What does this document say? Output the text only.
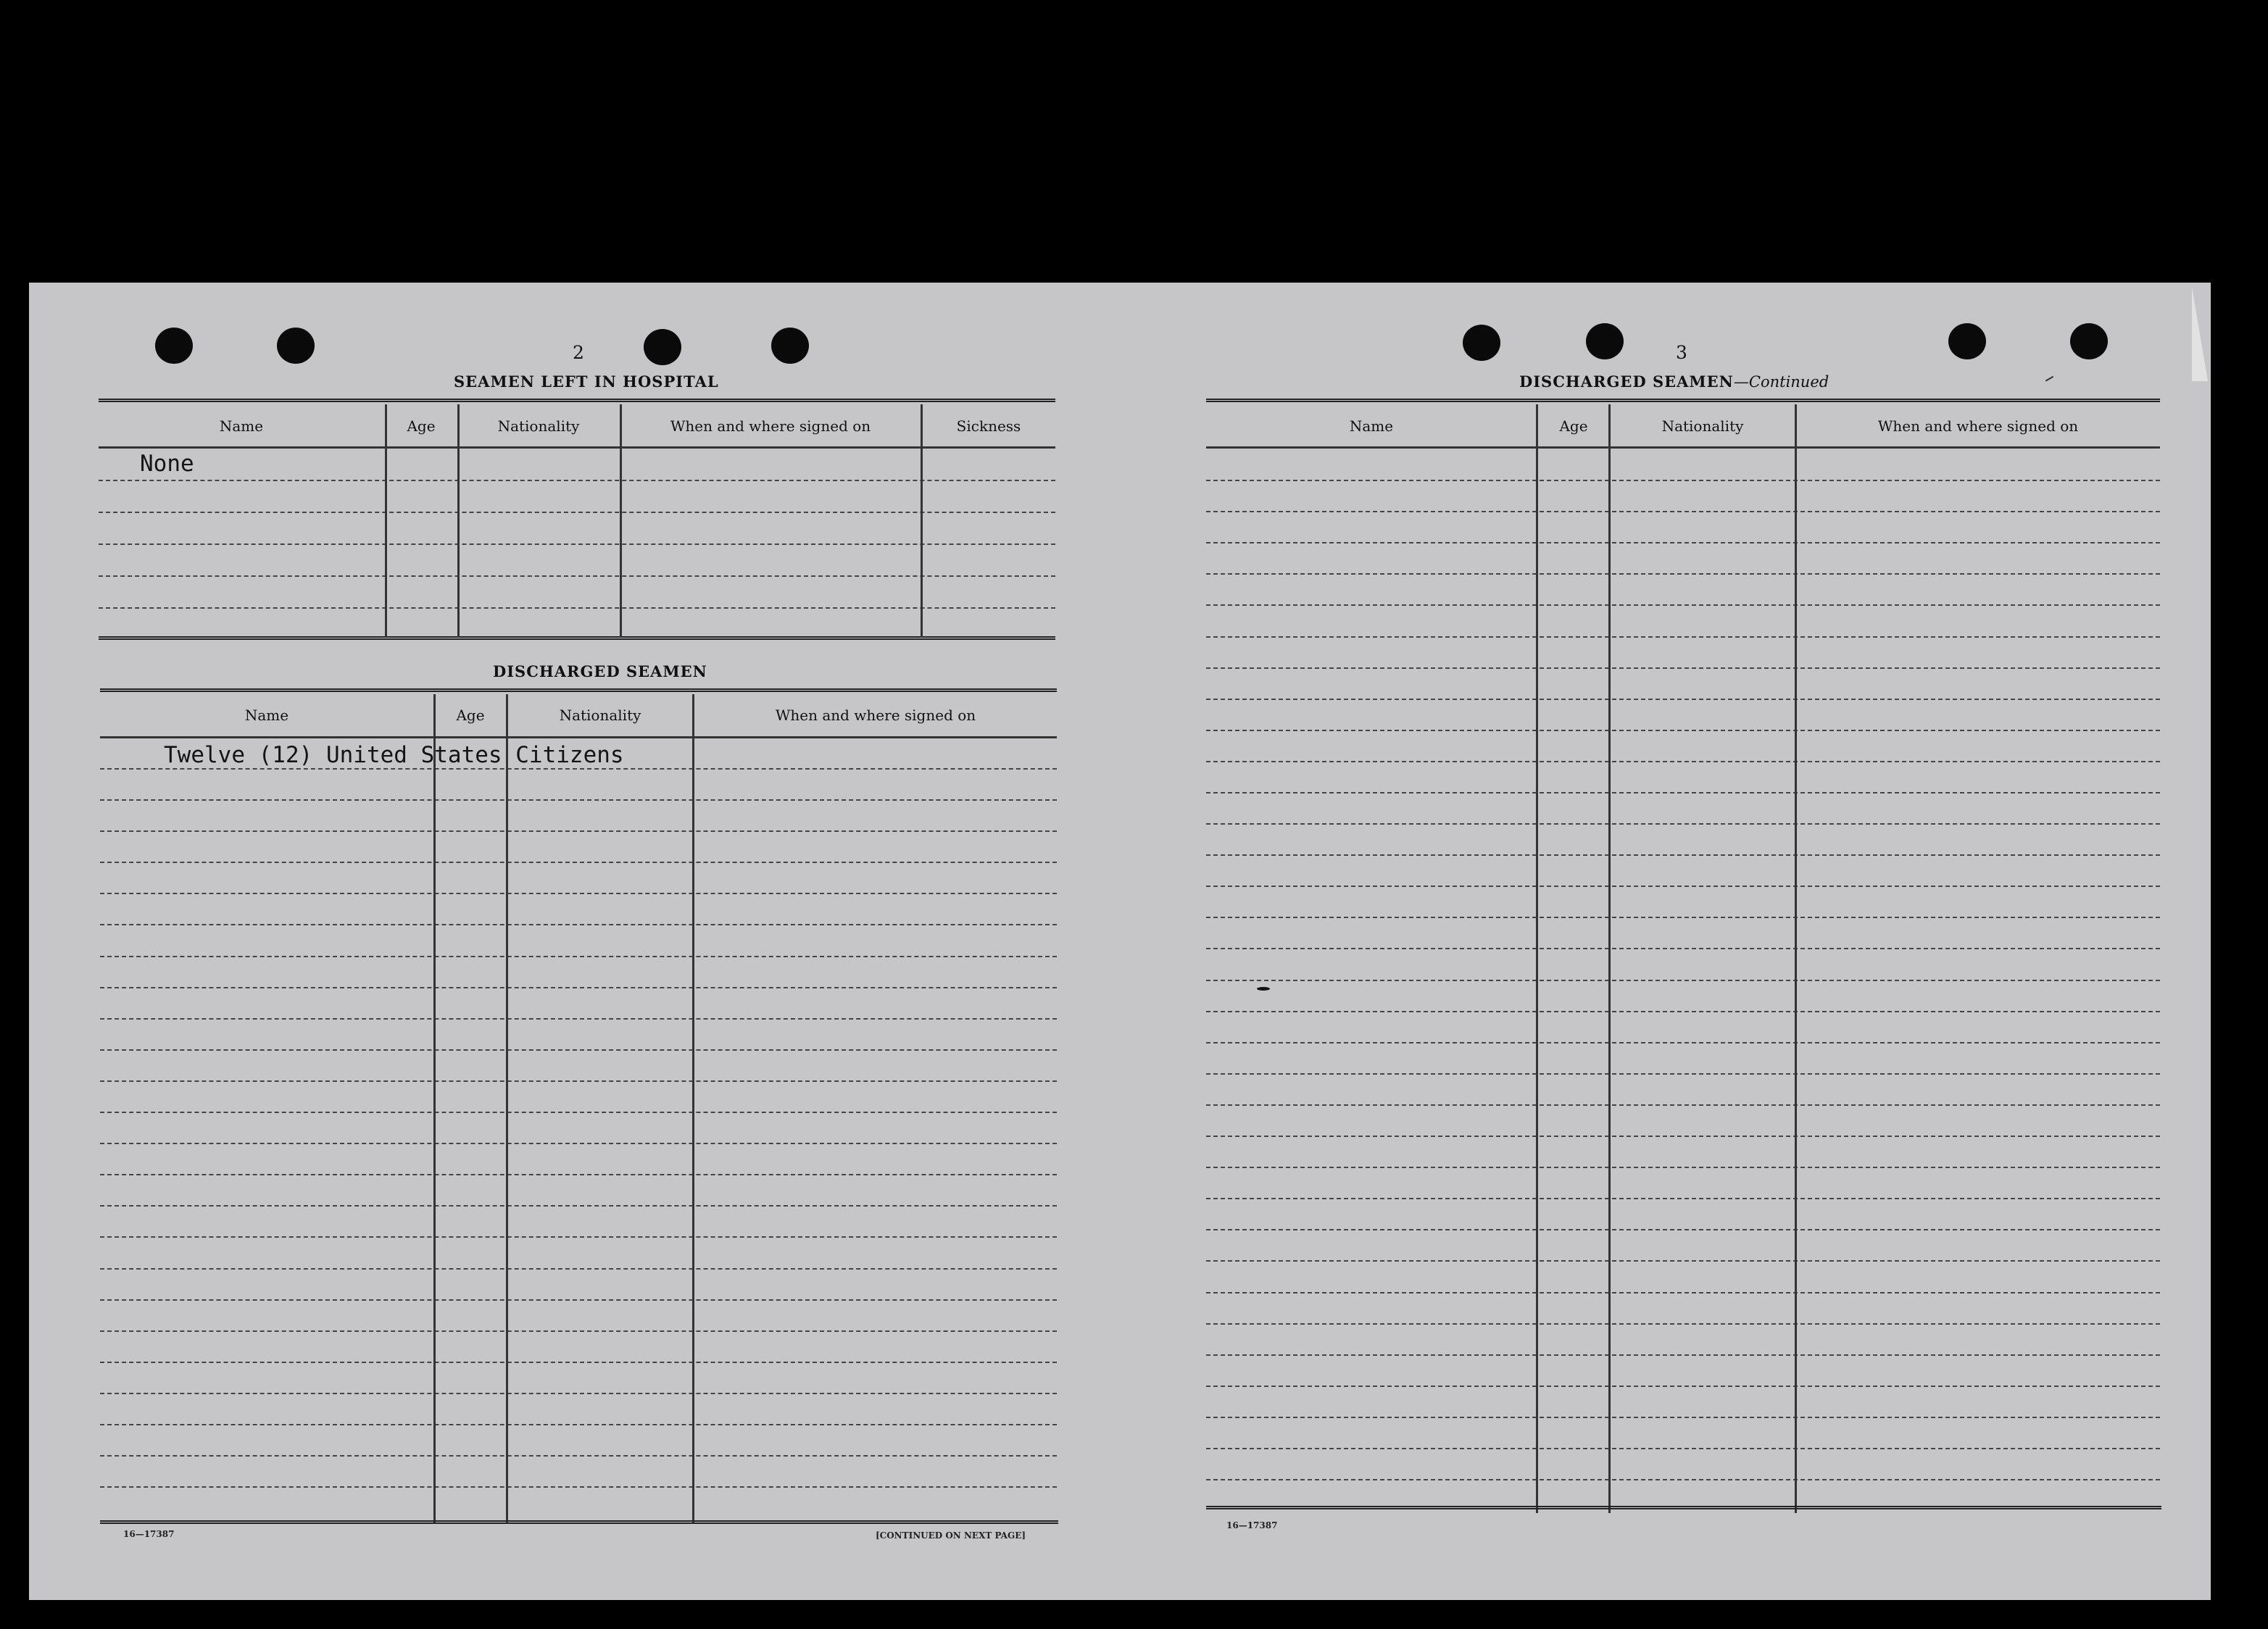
2
SEAMEN LEFT IN HOSPITAL
Name	Age	Nationality	When and where signed on	Sickness
None
DISCHARGED SEAMEN
Name	Age	Nationality	When and where signed on
Twelve (12) United States Citizens
16—17387	[CONTINUED ON NEXT PAGE]
3
DISCHARGED SEAMEN—Continued
Name	Age	Nationality	When and where signed on
16—17387
